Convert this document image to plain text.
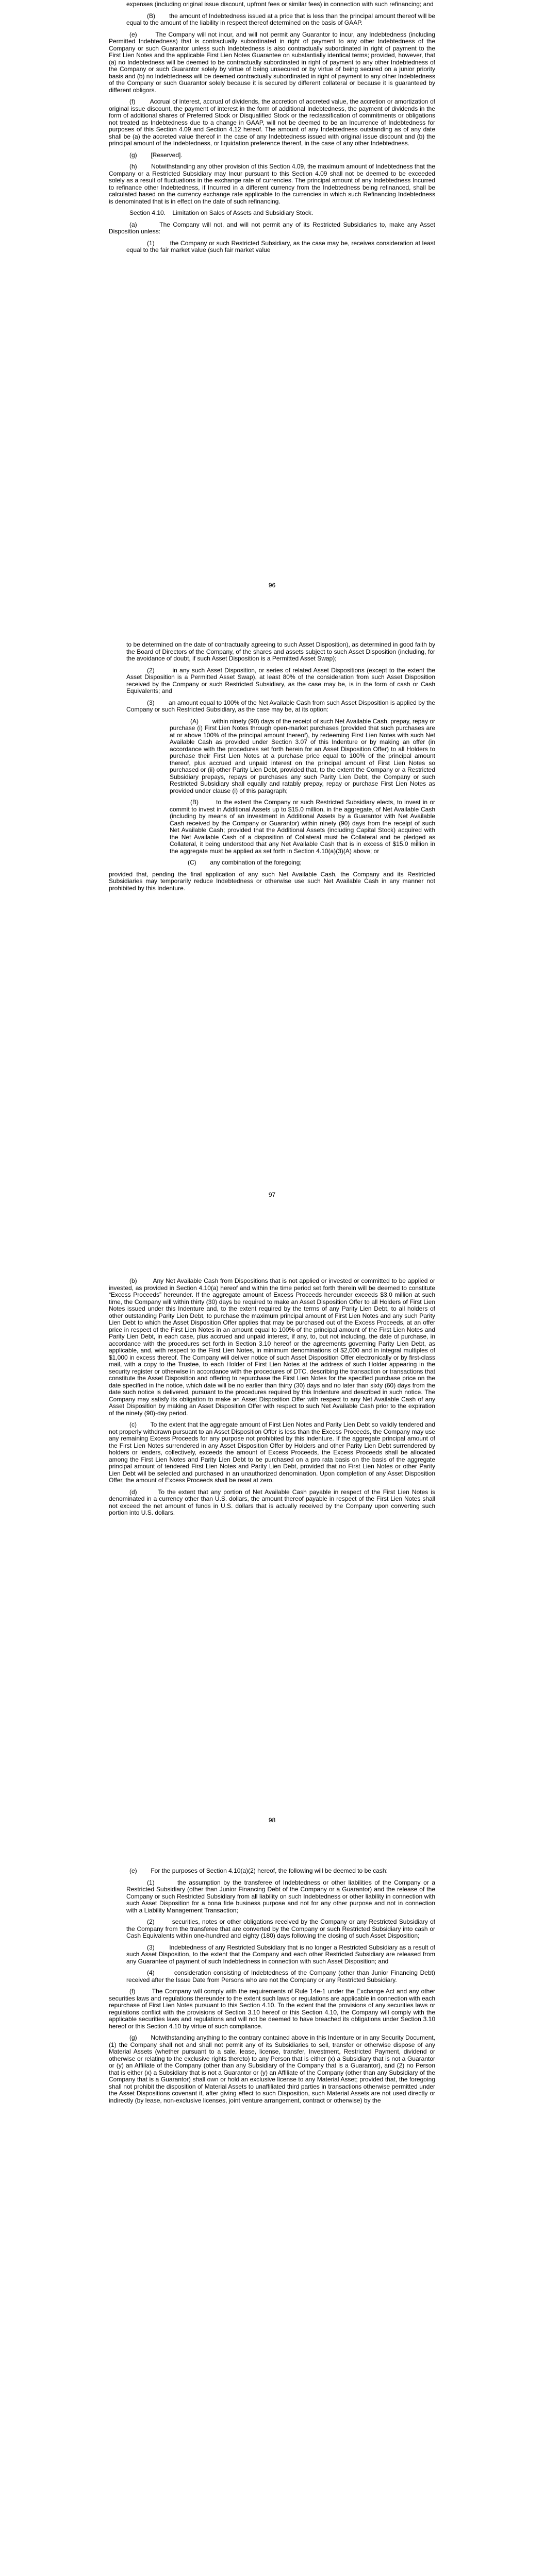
expenses (including original issue discount, upfront fees or similar fees) in connection with such refinancing; and

(B)        the amount of Indebtedness issued at a price that is less than the principal amount thereof will be equal to the amount of the liability in respect thereof determined on the basis of GAAP.

(e)        The Company will not incur, and will not permit any Guarantor to incur, any Indebtedness (including Permitted Indebtedness) that is contractually subordinated in right of payment to any other Indebtedness of the Company or such Guarantor unless such Indebtedness is also contractually subordinated in right of payment to the First Lien Notes and the applicable First Lien Notes Guarantee on substantially identical terms; provided, however, that (a) no Indebtedness will be deemed to be contractually subordinated in right of payment to any other Indebtedness of the Company or such Guarantor solely by virtue of being unsecured or by virtue of being secured on a junior priority basis and (b) no Indebtedness will be deemed contractually subordinated in right of payment to any other Indebtedness of the Company or such Guarantor solely because it is secured by different collateral or because it is guaranteed by different obligors.

(f)        Accrual of interest, accrual of dividends, the accretion of accreted value, the accretion or amortization of original issue discount, the payment of interest in the form of additional Indebtedness, the payment of dividends in the form of additional shares of Preferred Stock or Disqualified Stock or the reclassification of commitments or obligations not treated as Indebtedness due to a change in GAAP, will not be deemed to be an Incurrence of Indebtedness for purposes of this Section 4.09 and Section 4.12 hereof. The amount of any Indebtedness outstanding as of any date shall be (a) the accreted value thereof in the case of any Indebtedness issued with original issue discount and (b) the principal amount of the Indebtedness, or liquidation preference thereof, in the case of any other Indebtedness.

(g)        [Reserved].

(h)        Notwithstanding any other provision of this Section 4.09, the maximum amount of Indebtedness that the Company or a Restricted Subsidiary may Incur pursuant to this Section 4.09 shall not be deemed to be exceeded solely as a result of fluctuations in the exchange rate of currencies. The principal amount of any Indebtedness Incurred to refinance other Indebtedness, if Incurred in a different currency from the Indebtedness being refinanced, shall be calculated based on the currency exchange rate applicable to the currencies in which such Refinancing Indebtedness is denominated that is in effect on the date of such refinancing.

Section 4.10.    Limitation on Sales of Assets and Subsidiary Stock.

(a)        The Company will not, and will not permit any of its Restricted Subsidiaries to, make any Asset Disposition unless:

(1)        the Company or such Restricted Subsidiary, as the case may be, receives consideration at least equal to the fair market value (such fair market value

96

to be determined on the date of contractually agreeing to such Asset Disposition), as determined in good faith by the Board of Directors of the Company, of the shares and assets subject to such Asset Disposition (including, for the avoidance of doubt, if such Asset Disposition is a Permitted Asset Swap);

(2)        in any such Asset Disposition, or series of related Asset Dispositions (except to the extent the Asset Disposition is a Permitted Asset Swap), at least 80% of the consideration from such Asset Disposition received by the Company or such Restricted Subsidiary, as the case may be, is in the form of cash or Cash Equivalents; and

(3)        an amount equal to 100% of the Net Available Cash from such Asset Disposition is applied by the Company or such Restricted Subsidiary, as the case may be, at its option:

(A)        within ninety (90) days of the receipt of such Net Available Cash, prepay, repay or purchase (i) First Lien Notes through open-market purchases (provided that such purchases are at or above 100% of the principal amount thereof), by redeeming First Lien Notes with such Net Available Cash as provided under Section 3.07 of this Indenture or by making an offer (in accordance with the procedures set forth herein for an Asset Disposition Offer) to all Holders to purchase their First Lien Notes at a purchase price equal to 100% of the principal amount thereof, plus accrued and unpaid interest on the principal amount of First Lien Notes so purchased or (ii) other Parity Lien Debt, provided that, to the extent the Company or a Restricted Subsidiary prepays, repays or purchases any such Parity Lien Debt, the Company or such Restricted Subsidiary shall equally and ratably prepay, repay or purchase First Lien Notes as provided under clause (i) of this paragraph;

(B)        to the extent the Company or such Restricted Subsidiary elects, to invest in or commit to invest in Additional Assets up to $15.0 million, in the aggregate, of Net Available Cash (including by means of an investment in Additional Assets by a Guarantor with Net Available Cash received by the Company or Guarantor) within ninety (90) days from the receipt of such Net Available Cash; provided that the Additional Assets (including Capital Stock) acquired with the Net Available Cash of a disposition of Collateral must be Collateral and be pledged as Collateral, it being understood that any Net Available Cash that is in excess of $15.0 million in the aggregate must be applied as set forth in Section 4.10(a)(3)(A) above; or

(C)        any combination of the foregoing;

provided that, pending the final application of any such Net Available Cash, the Company and its Restricted Subsidiaries may temporarily reduce Indebtedness or otherwise use such Net Available Cash in any manner not prohibited by this Indenture.

97

(b)        Any Net Available Cash from Dispositions that is not applied or invested or committed to be applied or invested, as provided in Section 4.10(a) hereof and within the time period set forth therein will be deemed to constitute “Excess Proceeds” hereunder. If the aggregate amount of Excess Proceeds hereunder exceeds $3.0 million at such time, the Company will within thirty (30) days be required to make an Asset Disposition Offer to all Holders of First Lien Notes issued under this Indenture and, to the extent required by the terms of any Parity Lien Debt, to all holders of other outstanding Parity Lien Debt, to purchase the maximum principal amount of First Lien Notes and any such Parity Lien Debt to which the Asset Disposition Offer applies that may be purchased out of the Excess Proceeds, at an offer price in respect of the First Lien Notes in an amount equal to 100% of the principal amount of the First Lien Notes and Parity Lien Debt, in each case, plus accrued and unpaid interest, if any, to, but not including, the date of purchase, in accordance with the procedures set forth in Section 3.10 hereof or the agreements governing Parity Lien Debt, as applicable, and, with respect to the First Lien Notes, in minimum denominations of $2,000 and in integral multiples of $1,000 in excess thereof. The Company will deliver notice of such Asset Disposition Offer electronically or by first-class mail, with a copy to the Trustee, to each Holder of First Lien Notes at the address of such Holder appearing in the security register or otherwise in accordance with the procedures of DTC, describing the transaction or transactions that constitute the Asset Disposition and offering to repurchase the First Lien Notes for the specified purchase price on the date specified in the notice, which date will be no earlier than thirty (30) days and no later than sixty (60) days from the date such notice is delivered, pursuant to the procedures required by this Indenture and described in such notice. The Company may satisfy its obligation to make an Asset Disposition Offer with respect to any Net Available Cash of any Asset Disposition by making an Asset Disposition Offer with respect to such Net Available Cash prior to the expiration of the ninety (90)-day period.

(c)        To the extent that the aggregate amount of First Lien Notes and Parity Lien Debt so validly tendered and not properly withdrawn pursuant to an Asset Disposition Offer is less than the Excess Proceeds, the Company may use any remaining Excess Proceeds for any purpose not prohibited by this Indenture. If the aggregate principal amount of the First Lien Notes surrendered in any Asset Disposition Offer by Holders and other Parity Lien Debt surrendered by holders or lenders, collectively, exceeds the amount of Excess Proceeds, the Excess Proceeds shall be allocated among the First Lien Notes and Parity Lien Debt to be purchased on a pro rata basis on the basis of the aggregate principal amount of tendered First Lien Notes and Parity Lien Debt, provided that no First Lien Notes or other Parity Lien Debt will be selected and purchased in an unauthorized denomination. Upon completion of any Asset Disposition Offer, the amount of Excess Proceeds shall be reset at zero.

(d)        To the extent that any portion of Net Available Cash payable in respect of the First Lien Notes is denominated in a currency other than U.S. dollars, the amount thereof payable in respect of the First Lien Notes shall not exceed the net amount of funds in U.S. dollars that is actually received by the Company upon converting such portion into U.S. dollars.

98

(e)        For the purposes of Section 4.10(a)(2) hereof, the following will be deemed to be cash:

(1)        the assumption by the transferee of Indebtedness or other liabilities of the Company or a Restricted Subsidiary (other than Junior Financing Debt of the Company or a Guarantor) and the release of the Company or such Restricted Subsidiary from all liability on such Indebtedness or other liability in connection with such Asset Disposition for a bona fide business purpose and not for any other purpose and not in connection with a Liability Management Transaction;

(2)        securities, notes or other obligations received by the Company or any Restricted Subsidiary of the Company from the transferee that are converted by the Company or such Restricted Subsidiary into cash or Cash Equivalents within one-hundred and eighty (180) days following the closing of such Asset Disposition;

(3)        Indebtedness of any Restricted Subsidiary that is no longer a Restricted Subsidiary as a result of such Asset Disposition, to the extent that the Company and each other Restricted Subsidiary are released from any Guarantee of payment of such Indebtedness in connection with such Asset Disposition; and

(4)        consideration consisting of Indebtedness of the Company (other than Junior Financing Debt) received after the Issue Date from Persons who are not the Company or any Restricted Subsidiary.

(f)        The Company will comply with the requirements of Rule 14e-1 under the Exchange Act and any other securities laws and regulations thereunder to the extent such laws or regulations are applicable in connection with each repurchase of First Lien Notes pursuant to this Section 4.10. To the extent that the provisions of any securities laws or regulations conflict with the provisions of Section 3.10 hereof or this Section 4.10, the Company will comply with the applicable securities laws and regulations and will not be deemed to have breached its obligations under Section 3.10 hereof or this Section 4.10 by virtue of such compliance.

(g)        Notwithstanding anything to the contrary contained above in this Indenture or in any Security Document, (1) the Company shall not and shall not permit any of its Subsidiaries to sell, transfer or otherwise dispose of any Material Assets (whether pursuant to a sale, lease, license, transfer, Investment, Restricted Payment, dividend or otherwise or relating to the exclusive rights thereto) to any Person that is either (x) a Subsidiary that is not a Guarantor or (y) an Affiliate of the Company (other than any Subsidiary of the Company that is a Guarantor), and (2) no Person that is either (x) a Subsidiary that is not a Guarantor or (y) an Affiliate of the Company (other than any Subsidiary of the Company that is a Guarantor) shall own or hold an exclusive license to any Material Asset; provided that, the foregoing shall not prohibit the disposition of Material Assets to unaffiliated third parties in transactions otherwise permitted under the Asset Dispositions covenant if, after giving effect to such Disposition, such Material Assets are not used directly or indirectly (by lease, non-exclusive licenses, joint venture arrangement, contract or otherwise) by the
